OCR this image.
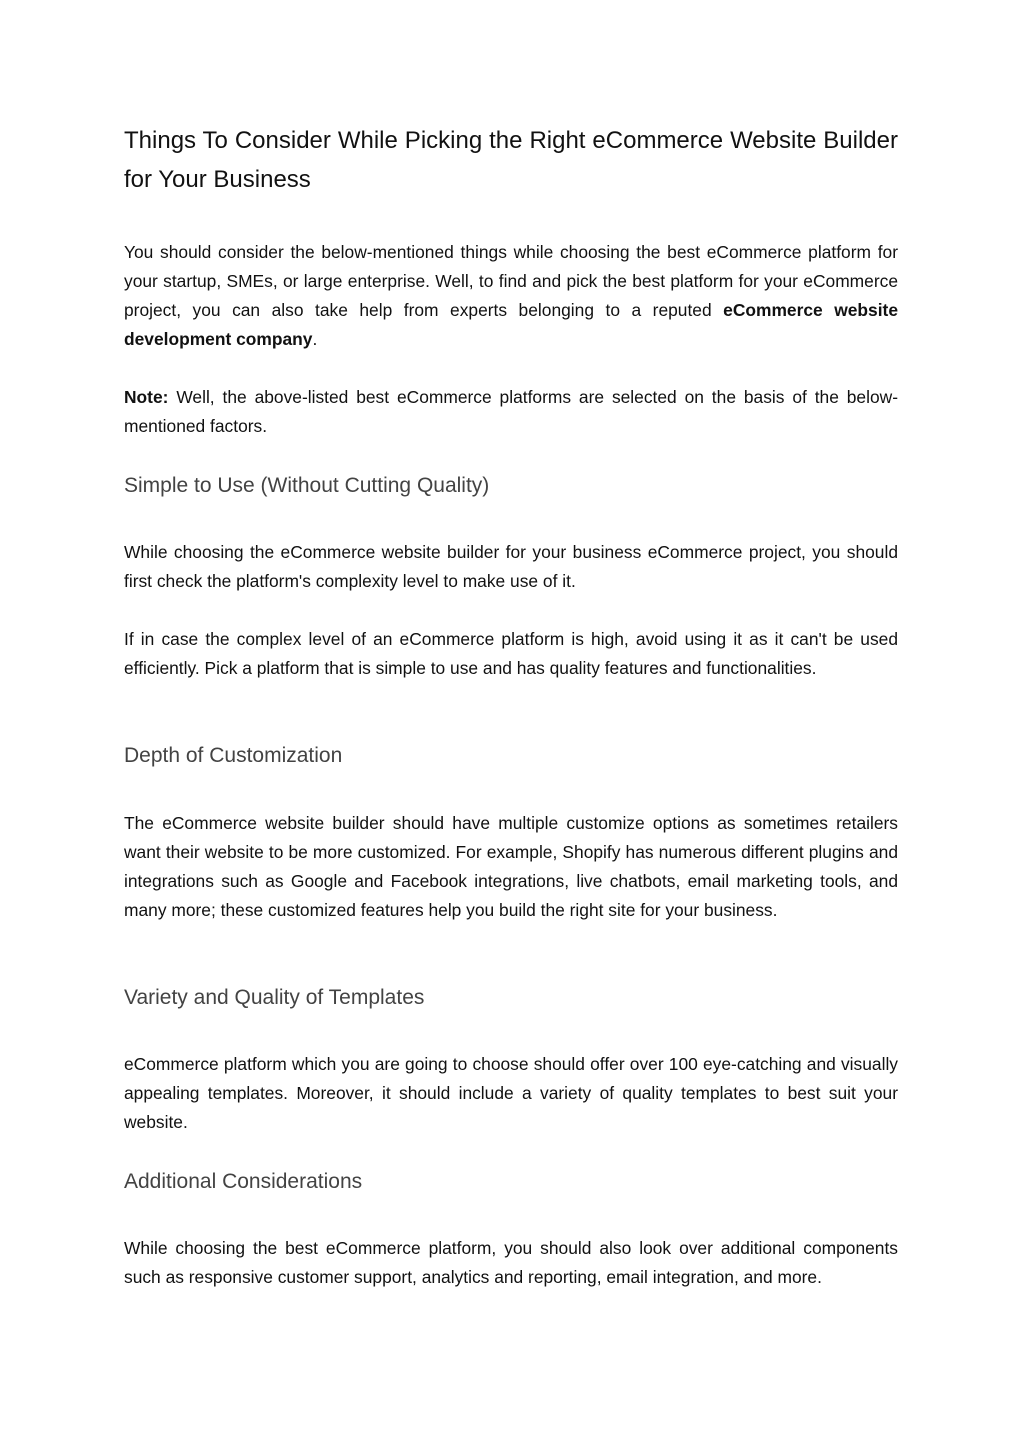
Things To Consider While Picking the Right eCommerce Website Builder for Your Business

You should consider the below-mentioned things while choosing the best eCommerce platform for your startup, SMEs, or large enterprise. Well, to find and pick the best platform for your eCommerce project, you can also take help from experts belonging to a reputed eCommerce website development company.

Note: Well, the above-listed best eCommerce platforms are selected on the basis of the below-mentioned factors.

Simple to Use (Without Cutting Quality)

While choosing the eCommerce website builder for your business eCommerce project, you should first check the platform's complexity level to make use of it.

If in case the complex level of an eCommerce platform is high, avoid using it as it can't be used efficiently. Pick a platform that is simple to use and has quality features and functionalities.

Depth of Customization

The eCommerce website builder should have multiple customize options as sometimes retailers want their website to be more customized. For example, Shopify has numerous different plugins and integrations such as Google and Facebook integrations, live chatbots, email marketing tools, and many more; these customized features help you build the right site for your business.

Variety and Quality of Templates

eCommerce platform which you are going to choose should offer over 100 eye-catching and visually appealing templates. Moreover, it should include a variety of quality templates to best suit your website.

Additional Considerations

While choosing the best eCommerce platform, you should also look over additional components such as responsive customer support, analytics and reporting, email integration, and more.
